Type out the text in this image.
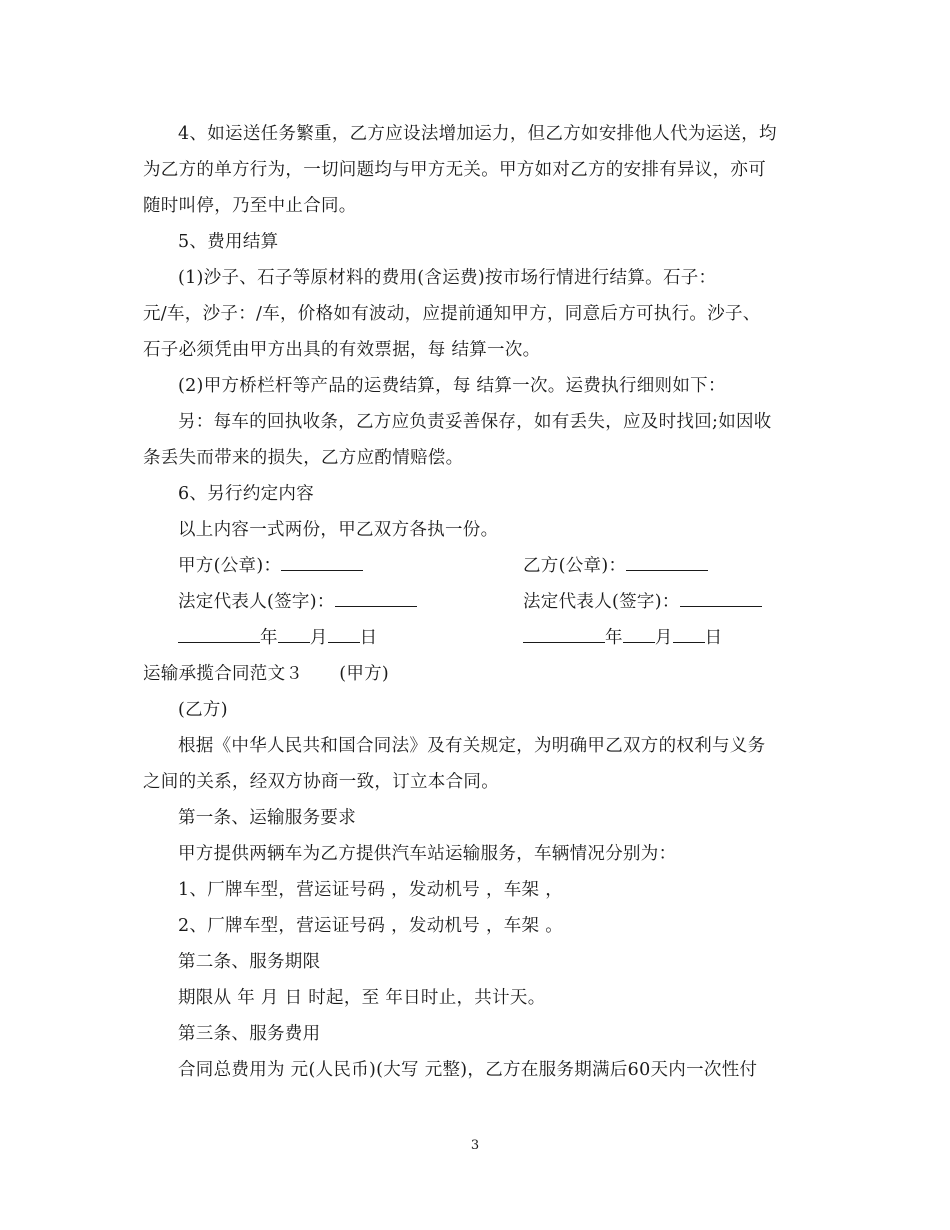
4、如运送任务繁重，乙方应设法增加运力，但乙方如安排他人代为运送，均
为乙方的单方行为，一切问题均与甲方无关。甲方如对乙方的安排有异议，亦可
随时叫停，乃至中止合同。
5、费用结算
(1)沙子、石子等原材料的费用(含运费)按市场行情进行结算。石子：
元/车，沙子：/车，价格如有波动，应提前通知甲方，同意后方可执行。沙子、
石子必须凭由甲方出具的有效票据，每 结算一次。
(2)甲方桥栏杆等产品的运费结算，每 结算一次。运费执行细则如下：
另：每车的回执收条，乙方应负责妥善保存，如有丢失，应及时找回;如因收
条丢失而带来的损失，乙方应酌情赔偿。
6、另行约定内容
以上内容一式两份，甲乙双方各执一份。
甲方(公章)：	乙方(公章)：
法定代表人(签字)：	法定代表人(签字)：
年 月 日	年 月 日
运输承揽合同范文３ (甲方)
(乙方)
根据《中华人民共和国合同法》及有关规定，为明确甲乙双方的权利与义务
之间的关系，经双方协商一致，订立本合同。
第一条、运输服务要求
甲方提供两辆车为乙方提供汽车站运输服务，车辆情况分别为：
1、厂牌车型，营运证号码 ，发动机号 ，车架 ，
2、厂牌车型，营运证号码 ，发动机号 ，车架 。
第二条、服务期限
期限从 年 月 日 时起，至 年日时止，共计天。
第三条、服务费用
合同总费用为 元(人民币)(大写 元整)，乙方在服务期满后60天内一次性付
3
